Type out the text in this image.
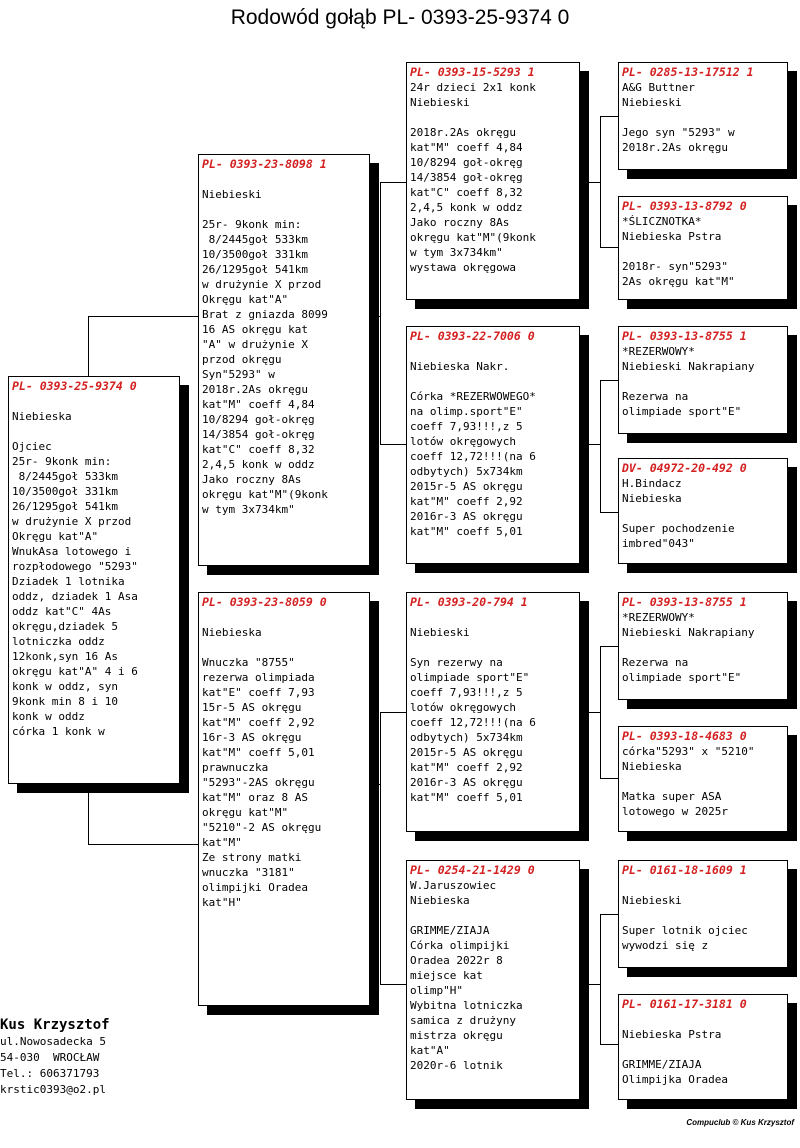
Rodowód gołąb PL- 0393-25-9374 0
PL- 0393-25-9374 0

Niebieska

Ojciec
25r- 9konk min:
8/2445goł 533km
10/3500goł 331km
26/1295goł 541km
w drużynie X przod
Okręgu kat"A"
WnukAsa lotowego i
rozpłodowego "5293"
Dziadek 1 lotnika
oddz, dziadek 1 Asa
oddz kat"C" 4As
okręgu,dziadek 5
lotniczka oddz
12konk,syn 16 As
okręgu kat"A" 4 i 6
konk w oddz, syn
9konk min 8 i 10
konk w oddz
córka 1 konk w
PL- 0393-23-8098 1

Niebieski

25r- 9konk min:
8/2445goł 533km
10/3500goł 331km
26/1295goł 541km
w drużynie X przod
Okręgu kat"A"
Brat z gniazda 8099
16 AS okręgu kat
"A" w drużynie X
przod okręgu
Syn"5293" w
2018r.2As okręgu
kat"M" coeff 4,84
10/8294 goł-okręg
14/3854 goł-okręg
kat"C" coeff 8,32
2,4,5 konk w oddz
Jako roczny 8As
okręgu kat"M"(9konk
w tym 3x734km"
PL- 0393-23-8059 0

Niebieska

Wnuczka "8755"
rezerwa olimpiada
kat"E" coeff 7,93
15r-5 AS okręgu
kat"M" coeff 2,92
16r-3 AS okręgu
kat"M" coeff 5,01
prawnuczka
"5293"-2AS okręgu
kat"M" oraz 8 AS
okręgu kat"M"
"5210"-2 AS okręgu
kat"M"
Ze strony matki
wnuczka "3181"
olimpijki Oradea
kat"H"
PL- 0393-15-5293 1
24r dzieci 2x1 konk
Niebieski

2018r.2As okręgu
kat"M" coeff 4,84
10/8294 goł-okręg
14/3854 goł-okręg
kat"C" coeff 8,32
2,4,5 konk w oddz
Jako roczny 8As
okręgu kat"M"(9konk
w tym 3x734km"
wystawa okręgowa
PL- 0393-22-7006 0

Niebieska Nakr.

Córka *REZERWOWEGO*
na olimp.sport"E"
coeff 7,93!!!,z 5
lotów okręgowych
coeff 12,72!!!(na 6
odbytych) 5x734km
2015r-5 AS okręgu
kat"M" coeff 2,92
2016r-3 AS okręgu
kat"M" coeff 5,01
PL- 0393-20-794 1

Niebieski

Syn rezerwy na
olimpiade sport"E"
coeff 7,93!!!,z 5
lotów okręgowych
coeff 12,72!!!(na 6
odbytych) 5x734km
2015r-5 AS okręgu
kat"M" coeff 2,92
2016r-3 AS okręgu
kat"M" coeff 5,01
PL- 0254-21-1429 0
W.Jaruszowiec
Niebieska

GRIMME/ZIAJA
Córka olimpijki
Oradea 2022r 8
miejsce kat
olimp"H"
Wybitna lotniczka
samica z drużyny
mistrza okręgu
kat"A"
2020r-6 lotnik
PL- 0285-13-17512 1
A&G Buttner
Niebieski

Jego syn "5293" w
2018r.2As okręgu
PL- 0393-13-8792 0
*ŚLICZNOTKA*
Niebieska Pstra

2018r- syn"5293"
2As okręgu kat"M"
PL- 0393-13-8755 1
*REZERWOWY*
Niebieski Nakrapiany

Rezerwa na
olimpiade sport"E"
DV- 04972-20-492 0
H.Bindacz
Niebieska

Super pochodzenie
imbred"043"
PL- 0393-13-8755 1
*REZERWOWY*
Niebieski Nakrapiany

Rezerwa na
olimpiade sport"E"
PL- 0393-18-4683 0
córka"5293" x "5210"
Niebieska

Matka super ASA
lotowego w 2025r
PL- 0161-18-1609 1

Niebieski

Super lotnik ojciec
wywodzi się z
PL- 0161-17-3181 0

Niebieska Pstra

GRIMME/ZIAJA
Olimpijka Oradea
Kus Krzysztof
ul.Nowosadecka 5
54-030  WROCŁAW
Tel.: 606371793
krstic0393@o2.pl
Compuclub © Kus Krzysztof
